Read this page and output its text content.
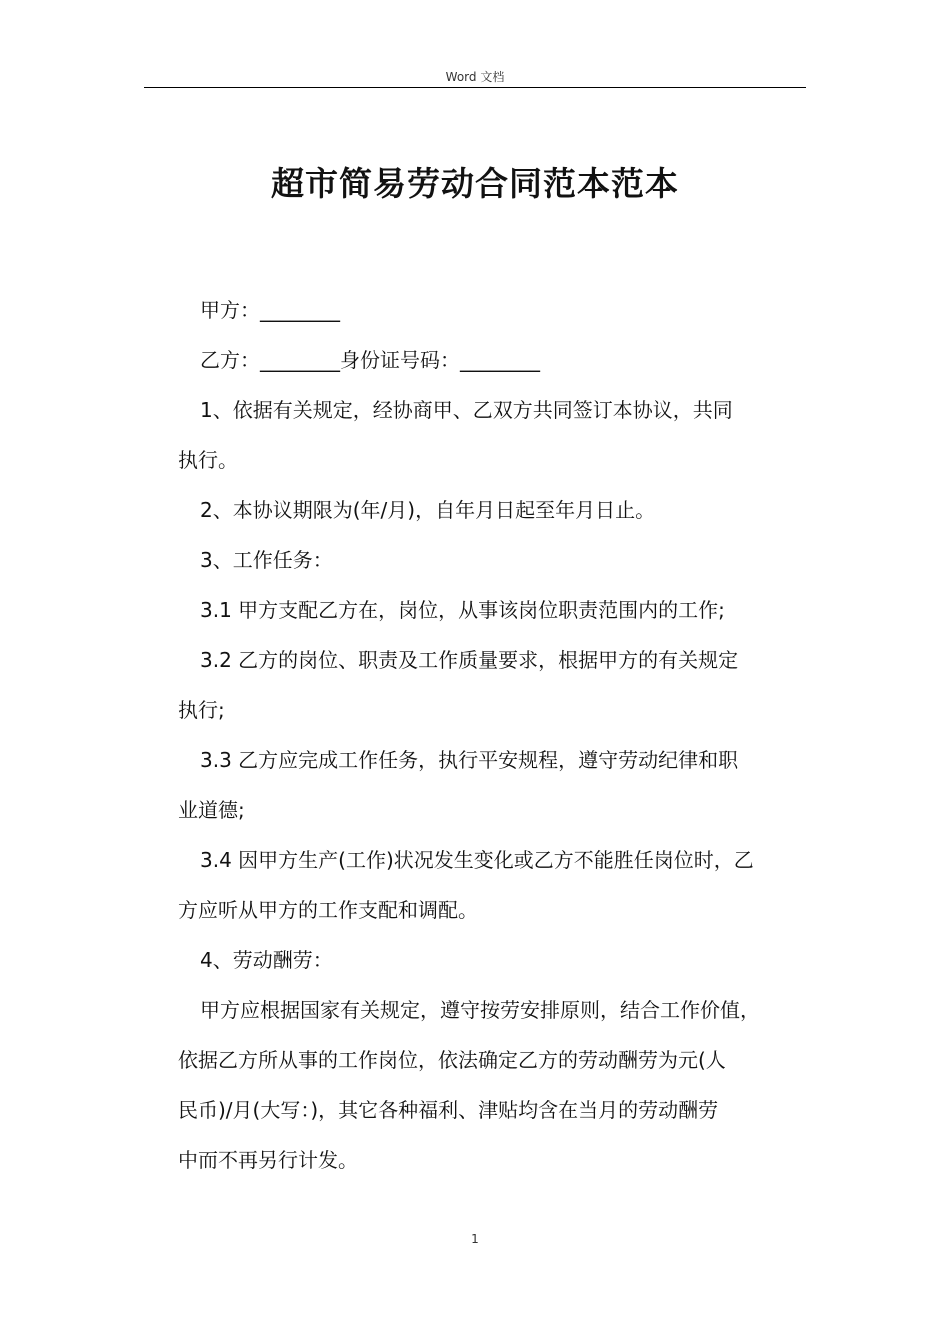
Word 文档
超市简易劳动合同范本范本
甲方：________
乙方：________身份证号码：________
1、依据有关规定，经协商甲、乙双方共同签订本协议，共同
执行。
2、本协议期限为(年/月)，自年月日起至年月日止。
3、工作任务：
3.1 甲方支配乙方在，岗位，从事该岗位职责范围内的工作;
3.2 乙方的岗位、职责及工作质量要求，根据甲方的有关规定
执行;
3.3 乙方应完成工作任务，执行平安规程，遵守劳动纪律和职
业道德;
3.4 因甲方生产(工作)状况发生变化或乙方不能胜任岗位时，乙
方应听从甲方的工作支配和调配。
4、劳动酬劳：
甲方应根据国家有关规定，遵守按劳安排原则，结合工作价值，
依据乙方所从事的工作岗位，依法确定乙方的劳动酬劳为元(人
民币)/月(大写：)，其它各种福利、津贴均含在当月的劳动酬劳
中而不再另行计发。
1
